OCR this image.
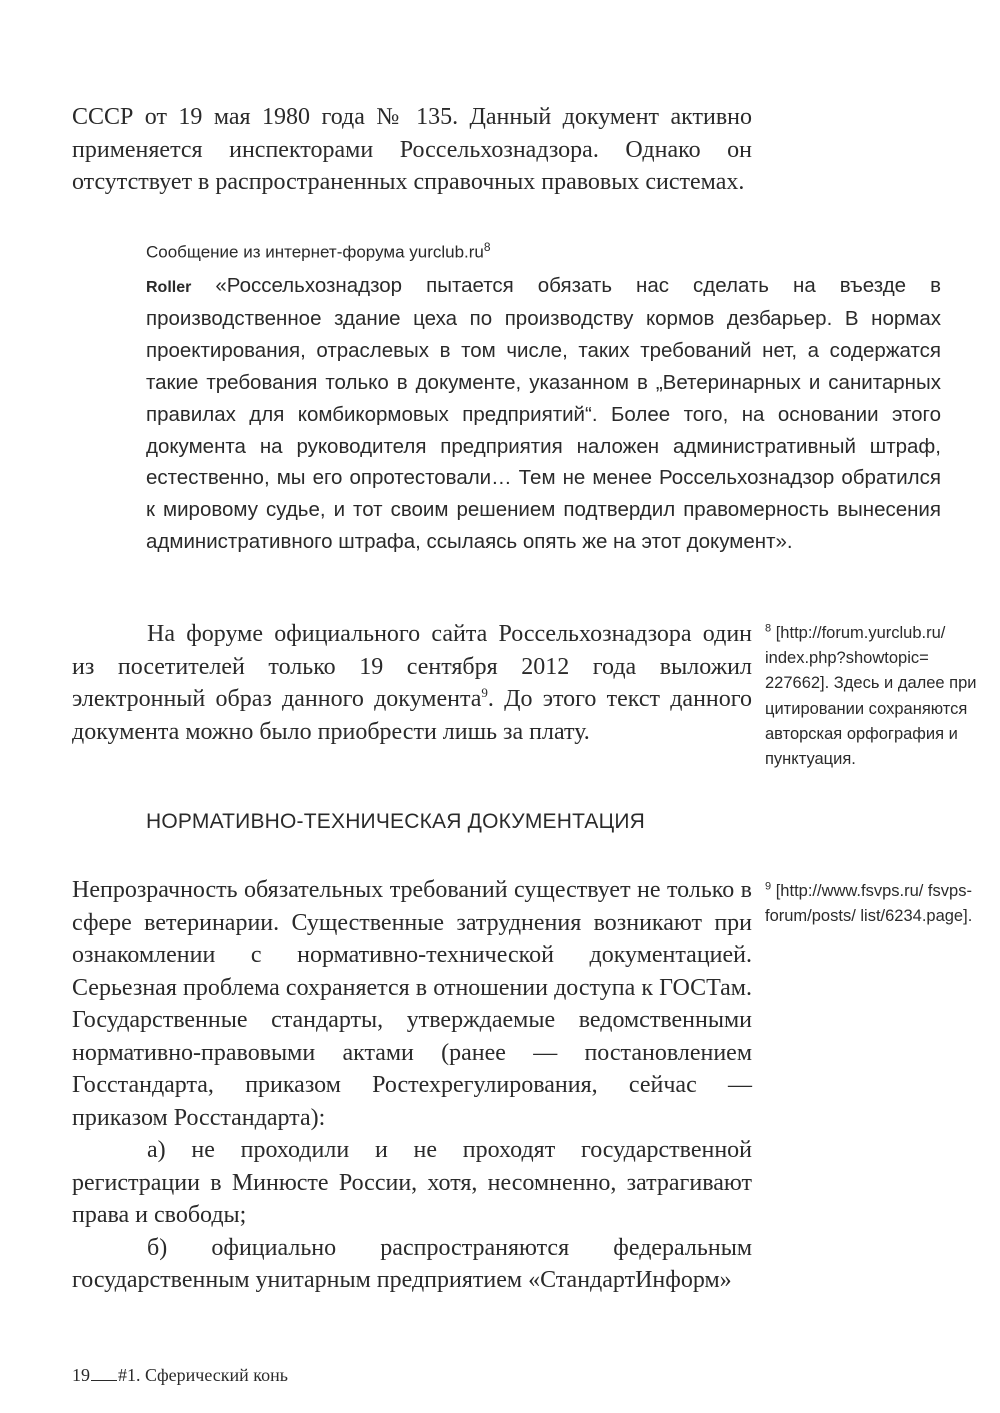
СССР от 19 мая 1980 года № 135. Данный документ активно применяется инспекторами Россельхознадзора. Однако он отсутствует в распространенных справочных правовых системах.

Сообщение из интернет-форума $yurclub.ru^8$

Roller «Россельхознадзор пытается обязать нас сделать на въезде в производственное здание цеха по производству кормов дезбарьер. В нормах проектирования, отраслевых в том числе, таких требований нет, а содержатся такие требования только в документе, указанном в „Ветеринарных и санитарных правилах для комбикормовых предприятий“. Более того, на основании этого документа на руководителя предприятия наложен административный штраф, естественно, мы его опротестовали… Тем не менее Россельхознадзор обратился к мировому судье, и тот своим решением подтвердил правомерность вынесения административного штрафа, ссылаясь опять же на этот документ».

На форуме официального сайта Россельхознадзора один из посетителей только 19 сентября 2012 года выложил электронный образ данного документа$^9$. До этого текст данного документа можно было приобрести лишь за плату.

НОРМАТИВНО-ТЕХНИЧЕСКАЯ ДОКУМЕНТАЦИЯ

Непрозрачность обязательных требований существует не только в сфере ветеринарии. Существенные затруднения возникают при ознакомлении с нормативно-технической документацией. Серьезная проблема сохраняется в отношении доступа к ГОСТам. Государственные стандарты, утверждаемые ведомственными нормативно-правовыми актами (ранее — постановлением Госстандарта, приказом Ростехрегулирования, сейчас — приказом Росстандарта):

а) не проходили и не проходят государственной регистрации в Минюсте России, хотя, несомненно, затрагивают права и свободы;

б) официально распространяются федеральным государственным унитарным предприятием «СтандартИнформ»

$^8$ [http://forum.yurclub.ru/ index.php?showtopic= 227662]. Здесь и далее при цитировании сохраняются авторская орфография и пунктуация.

$^9$ [http://www.fsvps.ru/ fsvps-forum/posts/ list/6234.page].

19 #1. Сферический конь
